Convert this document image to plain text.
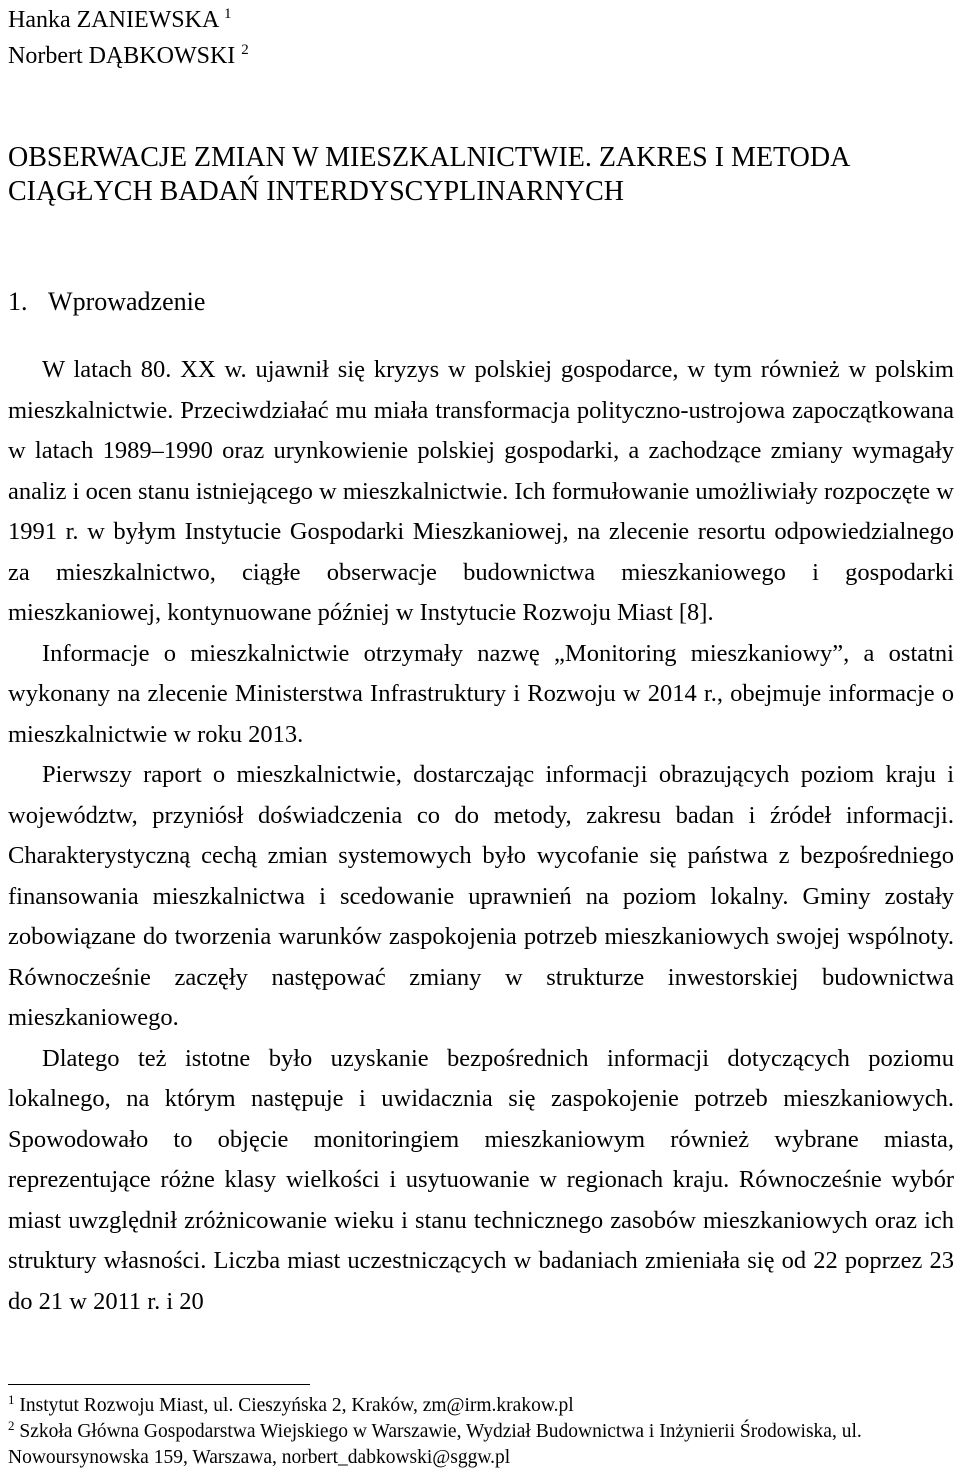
Hanka ZANIEWSKA $^1$
Norbert DĄBKOWSKI $^2$
OBSERWACJE ZMIAN W MIESZKALNICTWIE. ZAKRES I METODA
CIĄGŁYCH BADAŃ INTERDYSCYPLINARNYCH
1. Wprowadzenie

W latach 80. XX w. ujawnił się kryzys w polskiej gospodarce, w tym również w polskim mieszkalnictwie. Przeciwdziałać mu miała transformacja polityczno-ustrojowa zapoczątkowana w latach 1989–1990 oraz urynkowienie polskiej gospodarki, a zachodzące zmiany wymagały analiz i ocen stanu istniejącego w mieszkalnictwie. Ich formułowanie umożliwiały rozpoczęte w 1991 r. w byłym Instytucie Gospodarki Mieszkaniowej, na zlecenie resortu odpowiedzialnego za mieszkalnictwo, ciągłe obserwacje budownictwa mieszkaniowego i gospodarki mieszkaniowej, kontynuowane później w Instytucie Rozwoju Miast [8].

Informacje o mieszkalnictwie otrzymały nazwę „Monitoring mieszkaniowy”, a ostatni wykonany na zlecenie Ministerstwa Infrastruktury i Rozwoju w 2014 r., obejmuje informacje o mieszkalnictwie w roku 2013.

Pierwszy raport o mieszkalnictwie, dostarczając informacji obrazujących poziom kraju i województw, przyniósł doświadczenia co do metody, zakresu badan i źródeł informacji. Charakterystyczną cechą zmian systemowych było wycofanie się państwa z bezpośredniego finansowania mieszkalnictwa i scedowanie uprawnień na poziom lokalny. Gminy zostały zobowiązane do tworzenia warunków zaspokojenia potrzeb mieszkaniowych swojej wspólnoty. Równocześnie zaczęły następować zmiany w strukturze inwestorskiej budownictwa mieszkaniowego.

Dlatego też istotne było uzyskanie bezpośrednich informacji dotyczących poziomu lokalnego, na którym następuje i uwidacznia się zaspokojenie potrzeb mieszkaniowych. Spowodowało to objęcie monitoringiem mieszkaniowym również wybrane miasta, reprezentujące różne klasy wielkości i usytuowanie w regionach kraju. Równocześnie wybór miast uwzględnił zróżnicowanie wieku i stanu technicznego zasobów mieszkaniowych oraz ich struktury własności. Liczba miast uczestniczących w badaniach zmieniała się od 22 poprzez 23 do 21 w 2011 r. i 20

$^1$ Instytut Rozwoju Miast, ul. Cieszyńska 2, Kraków, zm@irm.krakow.pl

$^2$ Szkoła Główna Gospodarstwa Wiejskiego w Warszawie, Wydział Budownictwa i Inżynierii Środowiska, ul. Nowoursynowska 159, Warszawa, norbert_dabkowski@sggw.pl
